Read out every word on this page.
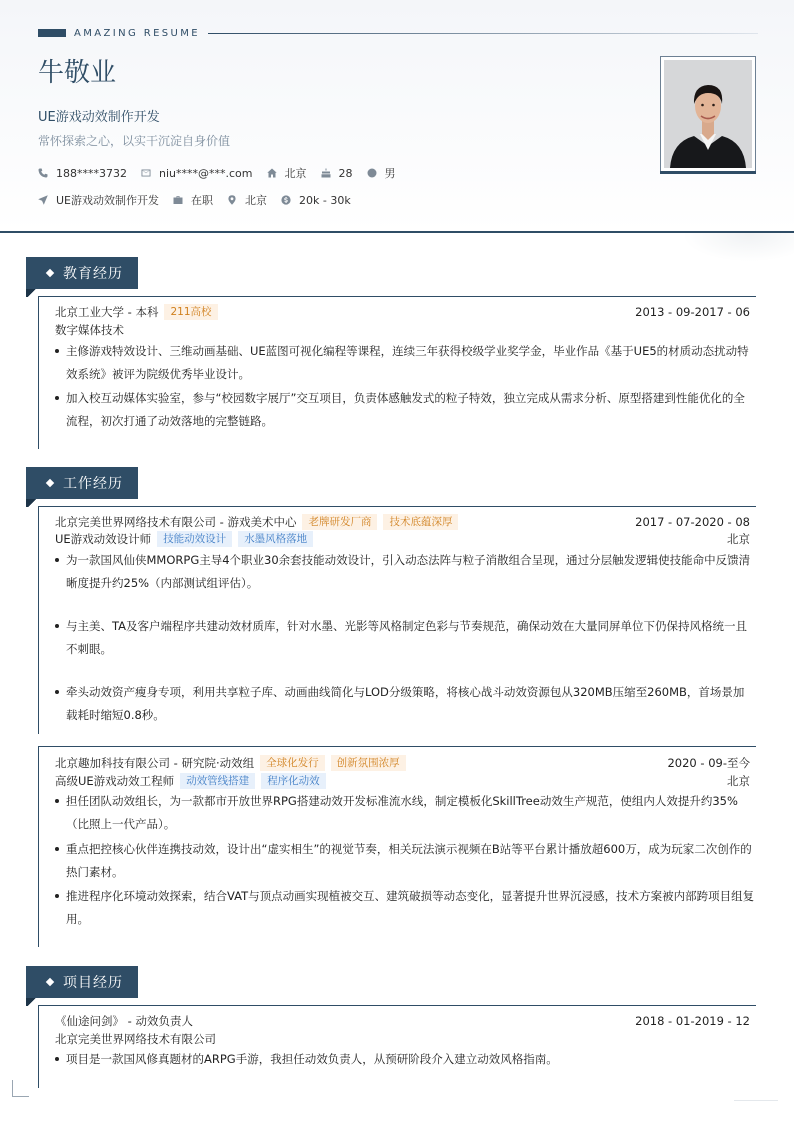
AMAZING RESUME
牛敬业
UE游戏动效制作开发
常怀探索之心，以实干沉淀自身价值
188****3732	niu****@***.com	北京	28	男
UE游戏动效制作开发	在职	北京	20k - 30k
教育经历
北京工业大学 - 本科	211高校	2013 - 09-2017 - 06
数字媒体技术
主修游戏特效设计、三维动画基础、UE蓝图可视化编程等课程，连续三年获得校级学业奖学金，毕业作品《基于UE5的材质动态扰动特效系统》被评为院级优秀毕业设计。
加入校互动媒体实验室，参与“校园数字展厅”交互项目，负责体感触发式的粒子特效，独立完成从需求分析、原型搭建到性能优化的全流程，初次打通了动效落地的完整链路。
工作经历
北京完美世界网络技术有限公司 - 游戏美术中心	老牌研发厂商	技术底蕴深厚	2017 - 07-2020 - 08
UE游戏动效设计师	技能动效设计	水墨风格落地	北京
为一款国风仙侠MMORPG主导4个职业30余套技能动效设计，引入动态法阵与粒子消散组合呈现，通过分层触发逻辑使技能命中反馈清晰度提升约25%（内部测试组评估）。
与主美、TA及客户端程序共建动效材质库，针对水墨、光影等风格制定色彩与节奏规范，确保动效在大量同屏单位下仍保持风格统一且不刺眼。
牵头动效资产瘦身专项，利用共享粒子库、动画曲线简化与LOD分级策略，将核心战斗动效资源包从320MB压缩至260MB，首场景加载耗时缩短0.8秒。
北京趣加科技有限公司 - 研究院·动效组	全球化发行	创新氛围浓厚	2020 - 09-至今
高级UE游戏动效工程师	动效管线搭建	程序化动效	北京
担任团队动效组长，为一款都市开放世界RPG搭建动效开发标准流水线，制定模板化SkillTree动效生产规范，使组内人效提升约35%（比照上一代产品）。
重点把控核心伙伴连携技动效，设计出“虚实相生”的视觉节奏，相关玩法演示视频在B站等平台累计播放超600万，成为玩家二次创作的热门素材。
推进程序化环境动效探索，结合VAT与顶点动画实现植被交互、建筑破损等动态变化，显著提升世界沉浸感，技术方案被内部跨项目组复用。
项目经历
《仙途问剑》 - 动效负责人	2018 - 01-2019 - 12
北京完美世界网络技术有限公司
项目是一款国风修真题材的ARPG手游，我担任动效负责人，从预研阶段介入建立动效风格指南。
